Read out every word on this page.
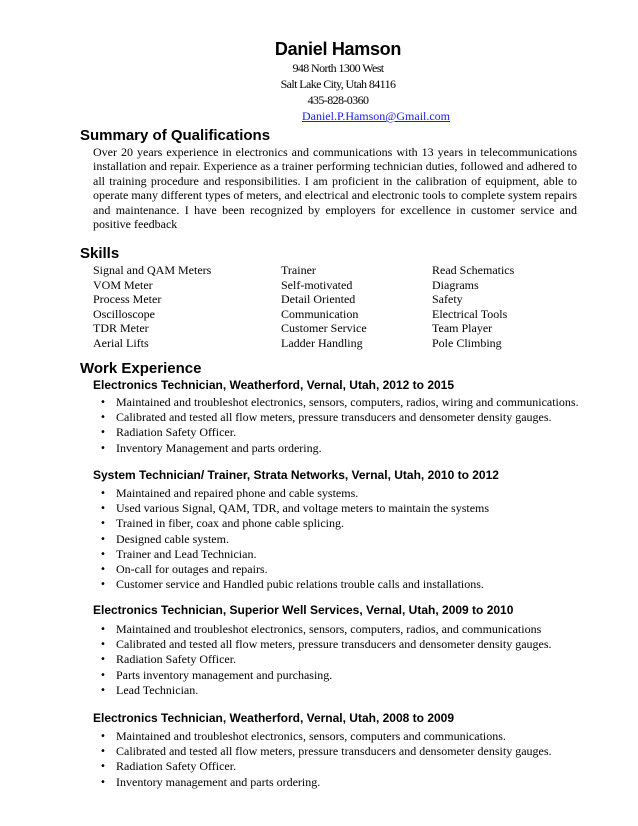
Daniel Hamson
948 North 1300 West
Salt Lake City, Utah 84116
435-828-0360
Daniel.P.Hamson@Gmail.com
Summary of Qualifications
Over 20 years experience in electronics and communications with 13 years in telecommunications installation and repair. Experience as a trainer performing technician duties, followed and adhered to all training procedure and responsibilities. I am proficient in the calibration of equipment, able to operate many different types of meters, and electrical and electronic tools to complete system repairs and maintenance. I have been recognized by employers for excellence in customer service and positive feedback
Skills
Signal and QAM Meters
VOM Meter
Process Meter
Oscilloscope
TDR Meter
Aerial Lifts
Trainer
Self-motivated
Detail Oriented
Communication
Customer Service
Ladder Handling
Read Schematics
Diagrams
Safety
Electrical Tools
Team Player
Pole Climbing
Work Experience
Electronics Technician, Weatherford, Vernal, Utah, 2012 to 2015
• Maintained and troubleshot electronics, sensors, computers, radios, wiring and communications.
• Calibrated and tested all flow meters, pressure transducers and densometer density gauges.
• Radiation Safety Officer.
• Inventory Management and parts ordering.
System Technician/ Trainer, Strata Networks, Vernal, Utah, 2010 to 2012
• Maintained and repaired phone and cable systems.
• Used various Signal, QAM, TDR, and voltage meters to maintain the systems
• Trained in fiber, coax and phone cable splicing.
• Designed cable system.
• Trainer and Lead Technician.
• On-call for outages and repairs.
• Customer service and Handled pubic relations trouble calls and installations.
Electronics Technician, Superior Well Services, Vernal, Utah, 2009 to 2010
• Maintained and troubleshot electronics, sensors, computers, radios, and communications
• Calibrated and tested all flow meters, pressure transducers and densometer density gauges.
• Radiation Safety Officer.
• Parts inventory management and purchasing.
• Lead Technician.
Electronics Technician, Weatherford, Vernal, Utah, 2008 to 2009
• Maintained and troubleshot electronics, sensors, computers and communications.
• Calibrated and tested all flow meters, pressure transducers and densometer density gauges.
• Radiation Safety Officer.
• Inventory management and parts ordering.
